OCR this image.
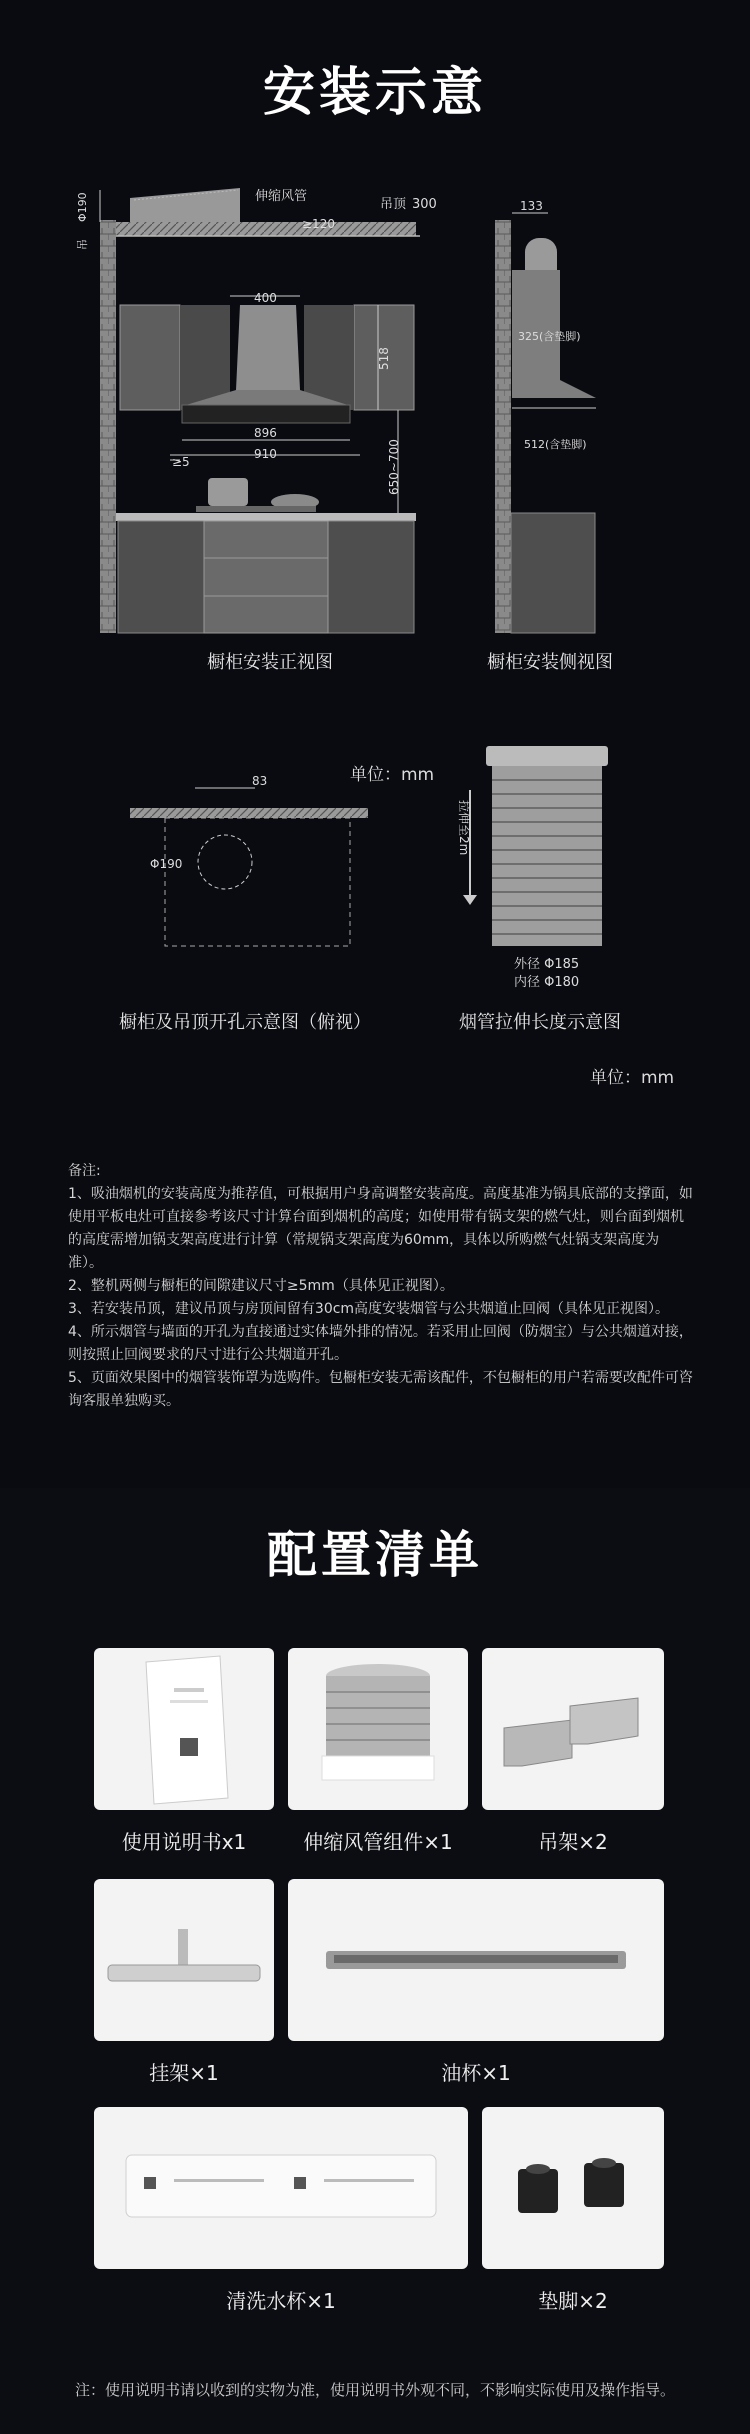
安装示意
伸缩风管
吊顶 300
≥120
400
518
896
910
≥5	650~700
Φ190
吊
133
325(含垫脚)
512(含垫脚)
83
Φ190
拉伸至2m
外径 Φ185
内径 Φ180
橱柜安装正视图	橱柜安装侧视图
单位：mm
橱柜及吊顶开孔示意图（俯视）	烟管拉伸长度示意图
单位：mm

备注:

1、吸油烟机的安装高度为推荐值，可根据用户身高调整安装高度。高度基准为锅具底部的支撑面，如使用平板电灶可直接参考该尺寸计算台面到烟机的高度；如使用带有锅支架的燃气灶，则台面到烟机的高度需增加锅支架高度进行计算（常规锅支架高度为60mm，具体以所购燃气灶锅支架高度为准）。

2、整机两侧与橱柜的间隙建议尺寸≥5mm（具体见正视图）。

3、若安装吊顶，建议吊顶与房顶间留有30cm高度安装烟管与公共烟道止回阀（具体见正视图）。

4、所示烟管与墙面的开孔为直接通过实体墙外排的情况。若采用止回阀（防烟宝）与公共烟道对接，则按照止回阀要求的尺寸进行公共烟道开孔。

5、页面效果图中的烟管装饰罩为选购件。包橱柜安装无需该配件，不包橱柜的用户若需要改配件可咨询客服单独购买。

配置清单
使用说明书x1	伸缩风管组件×1	吊架×2
挂架×1	油杯×1
清洗水杯×1	垫脚×2
注：使用说明书请以收到的实物为准，使用说明书外观不同，不影响实际使用及操作指导。
